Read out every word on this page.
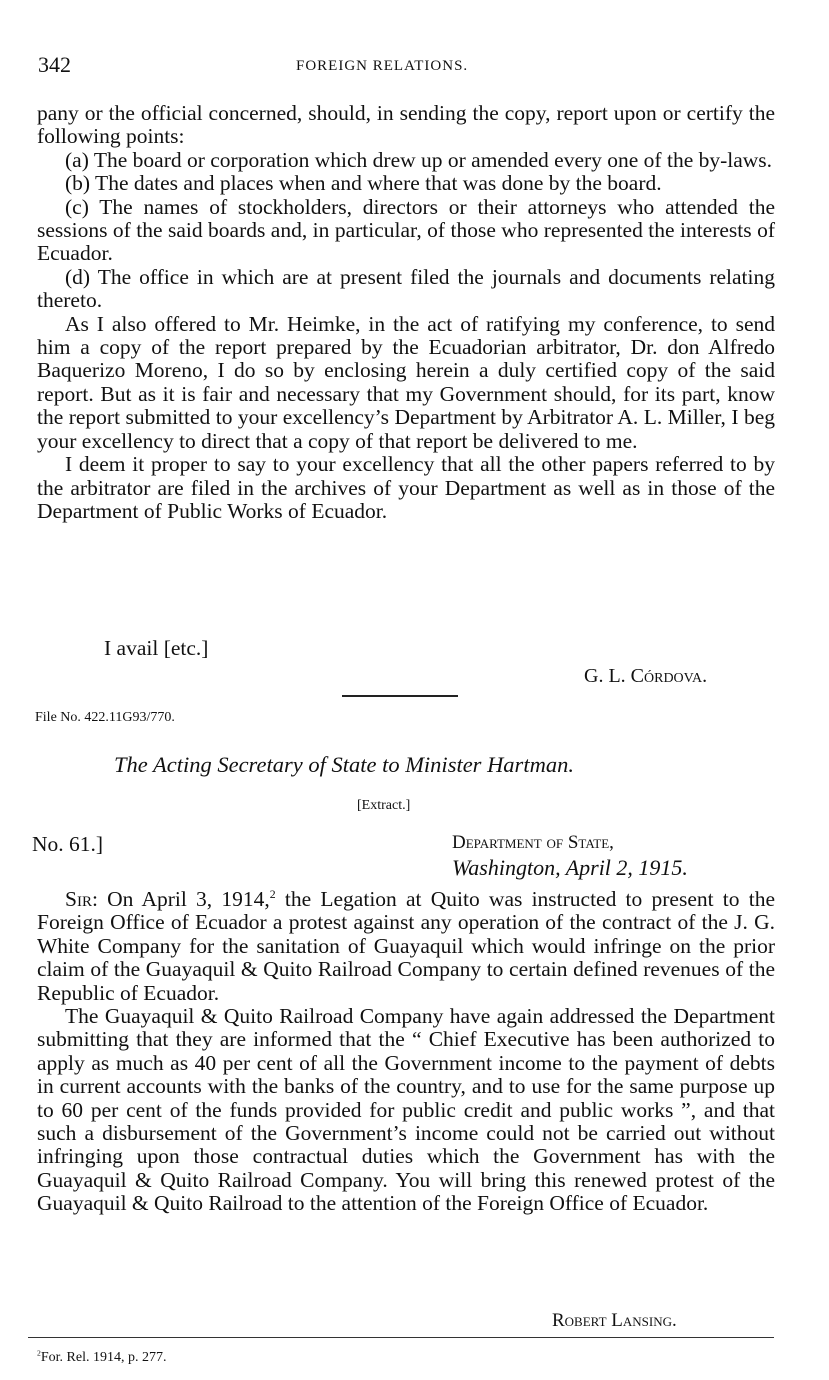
342	FOREIGN RELATIONS.

pany or the official concerned, should, in sending the copy, report upon or certify the following points:

(a) The board or corporation which drew up or amended every one of the by-laws.

(b) The dates and places when and where that was done by the board.

(c) The names of stockholders, directors or their attorneys who attended the sessions of the said boards and, in particular, of those who represented the interests of Ecuador.

(d) The office in which are at present filed the journals and documents relating thereto.

As I also offered to Mr. Heimke, in the act of ratifying my conference, to send him a copy of the report prepared by the Ecuadorian arbitrator, Dr. don Alfredo Baquerizo Moreno, I do so by enclosing herein a duly certified copy of the said report. But as it is fair and necessary that my Government should, for its part, know the report submitted to your excellency’s Department by Arbitrator A. L. Miller, I beg your excellency to direct that a copy of that report be delivered to me.

I deem it proper to say to your excellency that all the other papers referred to by the arbitrator are filed in the archives of your Department as well as in those of the Department of Public Works of Ecuador.

I avail [etc.]
G. L. Córdova.
File No. 422.11G93/770.
The Acting Secretary of State to Minister Hartman.
[Extract.]
No. 61.]	Department of State,
Washington, April 2, 1915.

Sir: On April 3, 1914,$^2$ the Legation at Quito was instructed to present to the Foreign Office of Ecuador a protest against any operation of the contract of the J. G. White Company for the sanitation of Guayaquil which would infringe on the prior claim of the Guayaquil & Quito Railroad Company to certain defined revenues of the Republic of Ecuador.

The Guayaquil & Quito Railroad Company have again addressed the Department submitting that they are informed that the “ Chief Executive has been authorized to apply as much as 40 per cent of all the Government income to the payment of debts in current accounts with the banks of the country, and to use for the same purpose up to 60 per cent of the funds provided for public credit and public works ”, and that such a disbursement of the Government’s income could not be carried out without infringing upon those contractual duties which the Government has with the Guayaquil & Quito Railroad Company. You will bring this renewed protest of the Guayaquil & Quito Railroad to the attention of the Foreign Office of Ecuador.

Robert Lansing.
$^2$For. Rel. 1914, p. 277.
